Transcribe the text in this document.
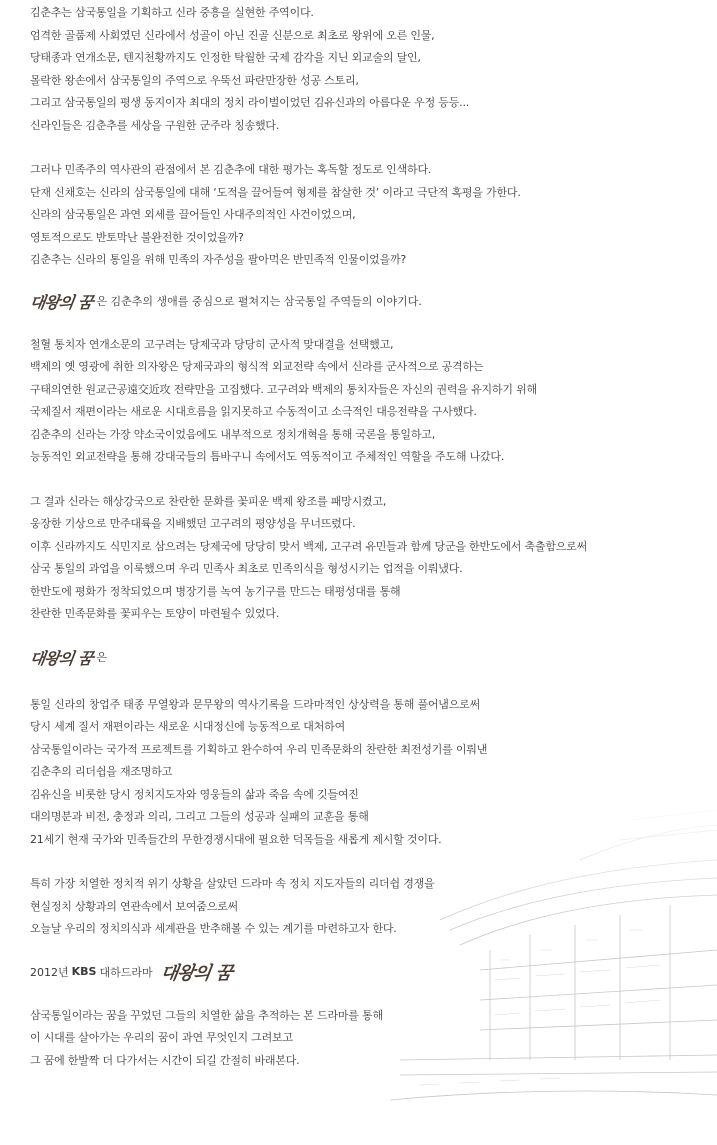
김춘추는 삼국통일을 기획하고 신라 중흥을 실현한 주역이다.
엄격한 골품제 사회였던 신라에서 성골이 아닌 진골 신분으로 최초로 왕위에 오른 인물,
당태종과 연개소문, 텐지천황까지도 인정한 탁월한 국제 감각을 지닌 외교술의 달인,
몰락한 왕손에서 삼국통일의 주역으로 우뚝선 파란만장한 성공 스토리,
그리고 삼국통일의 평생 동지이자 최대의 정치 라이벌이었던 김유신과의 아름다운 우정 등등...
신라인들은 김춘추를 세상을 구원한 군주라 칭송했다.
그러나 민족주의 역사관의 관점에서 본 김춘추에 대한 평가는 혹독할 정도로 인색하다.
단재 신채호는 신라의 삼국통일에 대해 ‘도적을 끌어들여 형제를 참살한 것’ 이라고 극단적 혹평을 가한다.
신라의 삼국통일은 과연 외세를 끌어들인 사대주의적인 사건이었으며,
영토적으로도 반토막난 불완전한 것이었을까?
김춘추는 신라의 통일을 위해 민족의 자주성을 팔아먹은 반민족적 인물이었을까?
대왕의 꿈 은 김춘추의 생애를 중심으로 펼쳐지는 삼국통일 주역들의 이야기다.
철혈 통치자 연개소문의 고구려는 당제국과 당당히 군사적 맞대결을 선택했고,
백제의 옛 영광에 취한 의자왕은 당제국과의 형식적 외교전략 속에서 신라를 군사적으로 공격하는
구태의연한 원교근공遠交近攻 전략만을 고집했다. 고구려와 백제의 통치자들은 자신의 권력을 유지하기 위해
국제질서 재편이라는 새로운 시대흐름을 읽지못하고 수동적이고 소극적인 대응전략을 구사했다.
김춘추의 신라는 가장 약소국이었음에도 내부적으로 정치개혁을 통해 국론을 통일하고,
능동적인 외교전략을 통해 강대국들의 틈바구니 속에서도 역동적이고 주체적인 역할을 주도해 나갔다.
그 결과 신라는 해상강국으로 찬란한 문화를 꽃피운 백제 왕조를 패망시켰고,
웅장한 기상으로 만주대륙을 지배했던 고구려의 평양성을 무너뜨렸다.
이후 신라까지도 식민지로 삼으려는 당제국에 당당히 맞서 백제, 고구려 유민들과 함께 당군을 한반도에서 축출함으로써
삼국 통일의 과업을 이룩했으며 우리 민족사 최초로 민족의식을 형성시키는 업적을 이뤄냈다.
한반도에 평화가 정착되었으며 병장기를 녹여 농기구를 만드는 태평성대를 통해
찬란한 민족문화를 꽃피우는 토양이 마련될수 있었다.
대왕의 꿈 은
통일 신라의 창업주 태종 무열왕과 문무왕의 역사기록을 드라마적인 상상력을 통해 풀어냄으로써
당시 세계 질서 재편이라는 새로운 시대정신에 능동적으로 대처하여
삼국통일이라는 국가적 프로젝트를 기획하고 완수하여 우리 민족문화의 찬란한 최전성기를 이뤄낸
김춘추의 리더쉽을 재조명하고
김유신을 비롯한 당시 정치지도자와 영웅들의 삶과 죽음 속에 깃들여진
대의명분과 비전, 충정과 의리, 그리고 그들의 성공과 실패의 교훈을 통해
21세기 현재 국가와 민족들간의 무한경쟁시대에 필요한 덕목들을 새롭게 제시할 것이다.
특히 가장 치열한 정치적 위기 상황을 살았던 드라마 속 정치 지도자들의 리더쉽 경쟁을
현실정치 상황과의 연관속에서 보여줌으로써
오늘날 우리의 정치의식과 세계관을 반추해볼 수 있는 계기를 마련하고자 한다.
2012년 KBS 대하드라마 대왕의 꿈
삼국통일이라는 꿈을 꾸었던 그들의 치열한 삶을 추적하는 본 드라마를 통해
이 시대를 살아가는 우리의 꿈이 과연 무엇인지 그려보고
그 꿈에 한발짝 더 다가서는 시간이 되길 간절히 바래본다.
